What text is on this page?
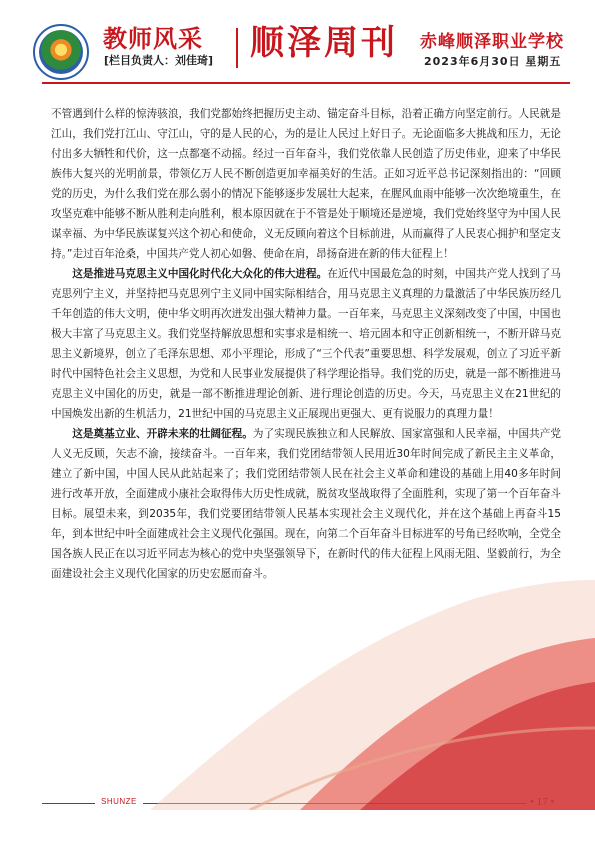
教师风采
[栏目负责人：刘佳琦] 顺泽周刊 赤峰顺泽职业学校
2023年6月30日 星期五

不管遇到什么样的惊涛骇浪，我们党都始终把握历史主动、锚定奋斗目标，沿着正确方向坚定前行。人民就是江山，我们党打江山、守江山，守的是人民的心，为的是让人民过上好日子。无论面临多大挑战和压力，无论付出多大牺牲和代价，这一点都毫不动摇。经过一百年奋斗，我们党依靠人民创造了历史伟业，迎来了中华民族伟大复兴的光明前景，带领亿万人民不断创造更加幸福美好的生活。正如习近平总书记深刻指出的：“回顾党的历史，为什么我们党在那么弱小的情况下能够逐步发展壮大起来，在腥风血雨中能够一次次绝境重生，在攻坚克难中能够不断从胜利走向胜利，根本原因就在于不管是处于顺境还是逆境，我们党始终坚守为中国人民谋幸福、为中华民族谋复兴这个初心和使命，义无反顾向着这个目标前进，从而赢得了人民衷心拥护和坚定支持。”走过百年沧桑，中国共产党人初心如磐、使命在肩，昂扬奋进在新的伟大征程上！

这是推进马克思主义中国化时代化大众化的伟大进程。在近代中国最危急的时刻，中国共产党人找到了马克思列宁主义，并坚持把马克思列宁主义同中国实际相结合，用马克思主义真理的力量激活了中华民族历经几千年创造的伟大文明，使中华文明再次迸发出强大精神力量。一百年来，马克思主义深刻改变了中国，中国也极大丰富了马克思主义。我们党坚持解放思想和实事求是相统一、培元固本和守正创新相统一，不断开辟马克思主义新境界，创立了毛泽东思想、邓小平理论，形成了“三个代表”重要思想、科学发展观，创立了习近平新时代中国特色社会主义思想，为党和人民事业发展提供了科学理论指导。我们党的历史，就是一部不断推进马克思主义中国化的历史，就是一部不断推进理论创新、进行理论创造的历史。今天，马克思主义在21世纪的中国焕发出新的生机活力，21世纪中国的马克思主义正展现出更强大、更有说服力的真理力量！

这是奠基立业、开辟未来的壮阔征程。为了实现民族独立和人民解放、国家富强和人民幸福，中国共产党人义无反顾，矢志不渝，接续奋斗。一百年来，我们党团结带领人民用近30年时间完成了新民主主义革命，建立了新中国，中国人民从此站起来了；我们党团结带领人民在社会主义革命和建设的基础上用40多年时间进行改革开放，全面建成小康社会取得伟大历史性成就，脱贫攻坚战取得了全面胜利，实现了第一个百年奋斗目标。展望未来，到2035年，我们党要团结带领人民基本实现社会主义现代化，并在这个基础上再奋斗15年，到本世纪中叶全面建成社会主义现代化强国。现在，向第二个百年奋斗目标进军的号角已经吹响，全党全国各族人民正在以习近平同志为核心的党中央坚强领导下，在新时代的伟大征程上风雨无阻、坚毅前行，为全面建设社会主义现代化国家的历史宏愿而奋斗。

SHUNZE
